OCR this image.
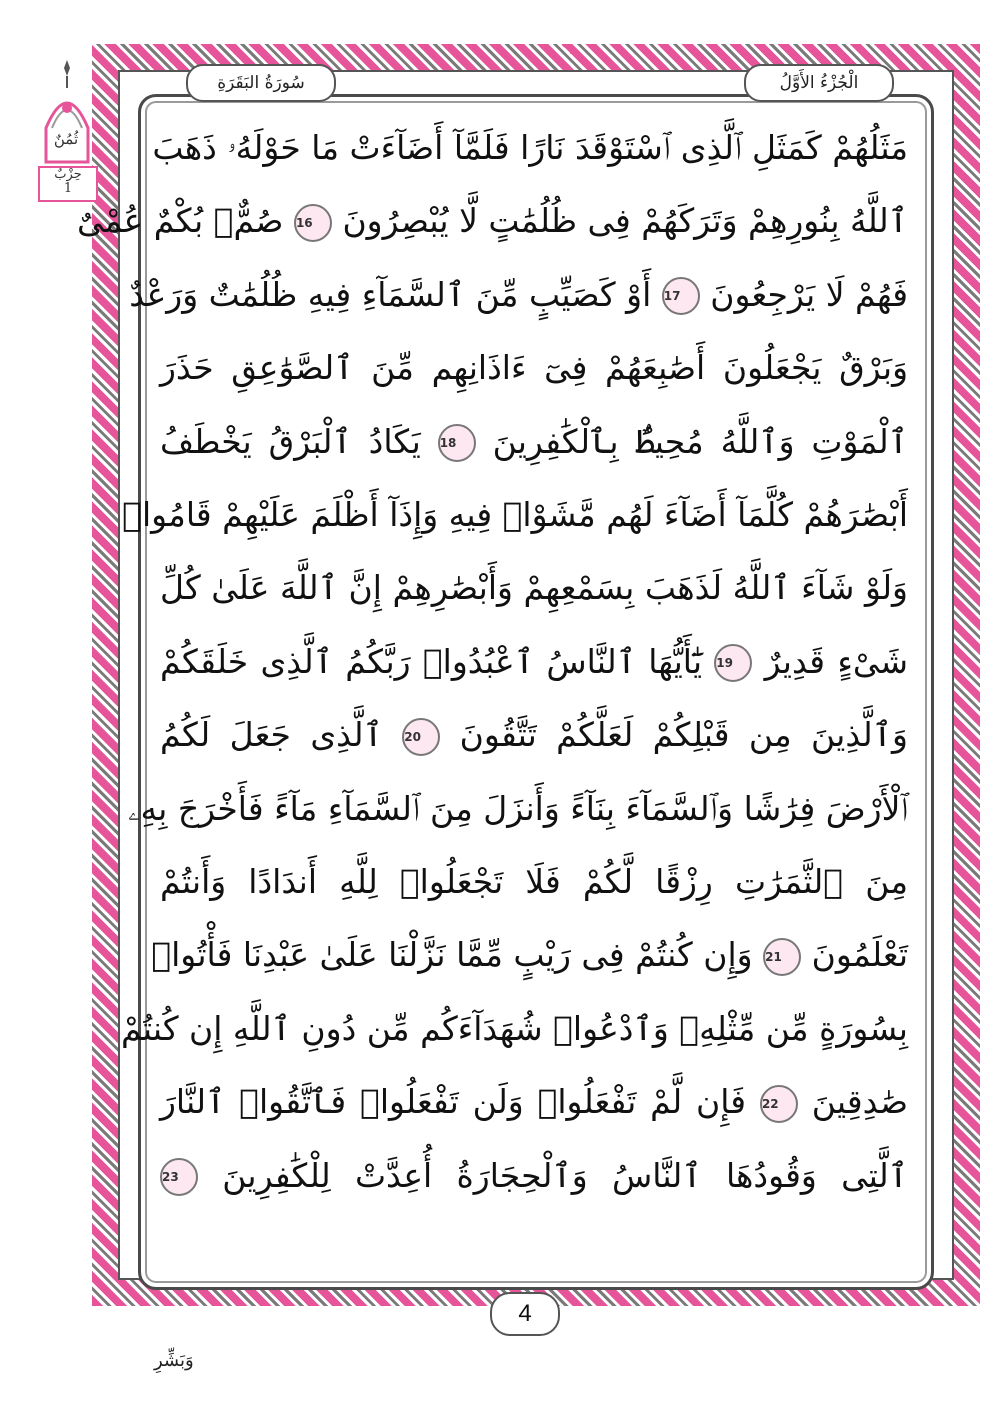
الْجُزْءُ الأَوَّلُ
سُورَةُ البَقَرَةِ
ثُمُنٌ
حِزْبٌ
1
مَثَلُهُمْ كَمَثَلِ ٱلَّذِى ٱسْتَوْقَدَ نَارًا فَلَمَّآ أَضَآءَتْ مَا حَوْلَهُۥ ذَهَبَ
ٱللَّهُ بِنُورِهِمْ وَتَرَكَهُمْ فِى ظُلُمَٰتٍ لَّا يُبْصِرُونَ 16 صُمٌّۢ بُكْمٌ عُمْىٌ
فَهُمْ لَا يَرْجِعُونَ 17 أَوْ كَصَيِّبٍ مِّنَ ٱلسَّمَآءِ فِيهِ ظُلُمَٰتٌ وَرَعْدٌ
وَبَرْقٌ يَجْعَلُونَ أَصَٰبِعَهُمْ فِىٓ ءَاذَانِهِم مِّنَ ٱلصَّوَٰعِقِ حَذَرَ
ٱلْمَوْتِ وَٱللَّهُ مُحِيطٌۢ بِٱلْكَٰفِرِينَ 18 يَكَادُ ٱلْبَرْقُ يَخْطَفُ
أَبْصَٰرَهُمْ كُلَّمَآ أَضَآءَ لَهُم مَّشَوْا۟ فِيهِ وَإِذَآ أَظْلَمَ عَلَيْهِمْ قَامُوا۟
وَلَوْ شَآءَ ٱللَّهُ لَذَهَبَ بِسَمْعِهِمْ وَأَبْصَٰرِهِمْ إِنَّ ٱللَّهَ عَلَىٰ كُلِّ
شَىْءٍ قَدِيرٌ 19 يَٰٓأَيُّهَا ٱلنَّاسُ ٱعْبُدُوا۟ رَبَّكُمُ ٱلَّذِى خَلَقَكُمْ
وَٱلَّذِينَ مِن قَبْلِكُمْ لَعَلَّكُمْ تَتَّقُونَ 20 ٱلَّذِى جَعَلَ لَكُمُ
ٱلْأَرْضَ فِرَٰشًا وَٱلسَّمَآءَ بِنَآءً وَأَنزَلَ مِنَ ٱلسَّمَآءِ مَآءً فَأَخْرَجَ بِهِۦ
مِنَ ٱلثَّمَرَٰتِ رِزْقًا لَّكُمْ فَلَا تَجْعَلُوا۟ لِلَّهِ أَندَادًا وَأَنتُمْ
تَعْلَمُونَ 21 وَإِن كُنتُمْ فِى رَيْبٍ مِّمَّا نَزَّلْنَا عَلَىٰ عَبْدِنَا فَأْتُوا۟
بِسُورَةٍ مِّن مِّثْلِهِۦ وَٱدْعُوا۟ شُهَدَآءَكُم مِّن دُونِ ٱللَّهِ إِن كُنتُمْ
صَٰدِقِينَ 22 فَإِن لَّمْ تَفْعَلُوا۟ وَلَن تَفْعَلُوا۟ فَٱتَّقُوا۟ ٱلنَّارَ
ٱلَّتِى وَقُودُهَا ٱلنَّاسُ وَٱلْحِجَارَةُ أُعِدَّتْ لِلْكَٰفِرِينَ 23
4
وَبَشِّرِ
